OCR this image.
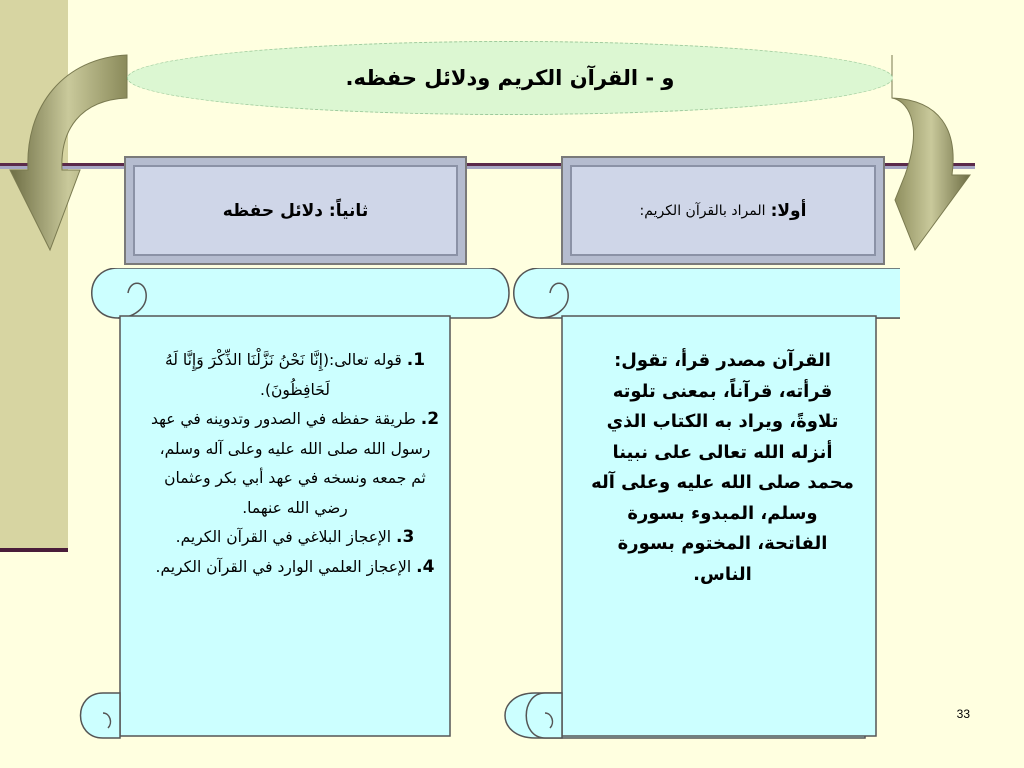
و - القرآن الكريم ودلائل حفظه.
أولا:

المراد بالقرآن الكريم:
ثانياً: دلائل حفظه
القرآن مصدر قرأ، تقول: قرأته، قرآناً، بمعنى تلوته تلاوةً، ويراد به الكتاب الذي أنزله الله تعالى على نبينا محمد صلى الله عليه وعلى آله وسلم، المبدوء بسورة الفاتحة، المختوم بسورة الناس.
1. قوله تعالى:(إِنَّا نَحْنُ نَزَّلْنَا الذِّكْرَ وَإِنَّا لَهُ لَحَافِظُونَ).
2. طريقة حفظه في الصدور وتدوينه في عهد رسول الله صلى الله عليه وعلى آله وسلم، ثم جمعه ونسخه في عهد أبي بكر وعثمان رضي الله عنهما.
3. الإعجاز البلاغي في القرآن الكريم.
4. الإعجاز العلمي الوارد في القرآن الكريم.
33
